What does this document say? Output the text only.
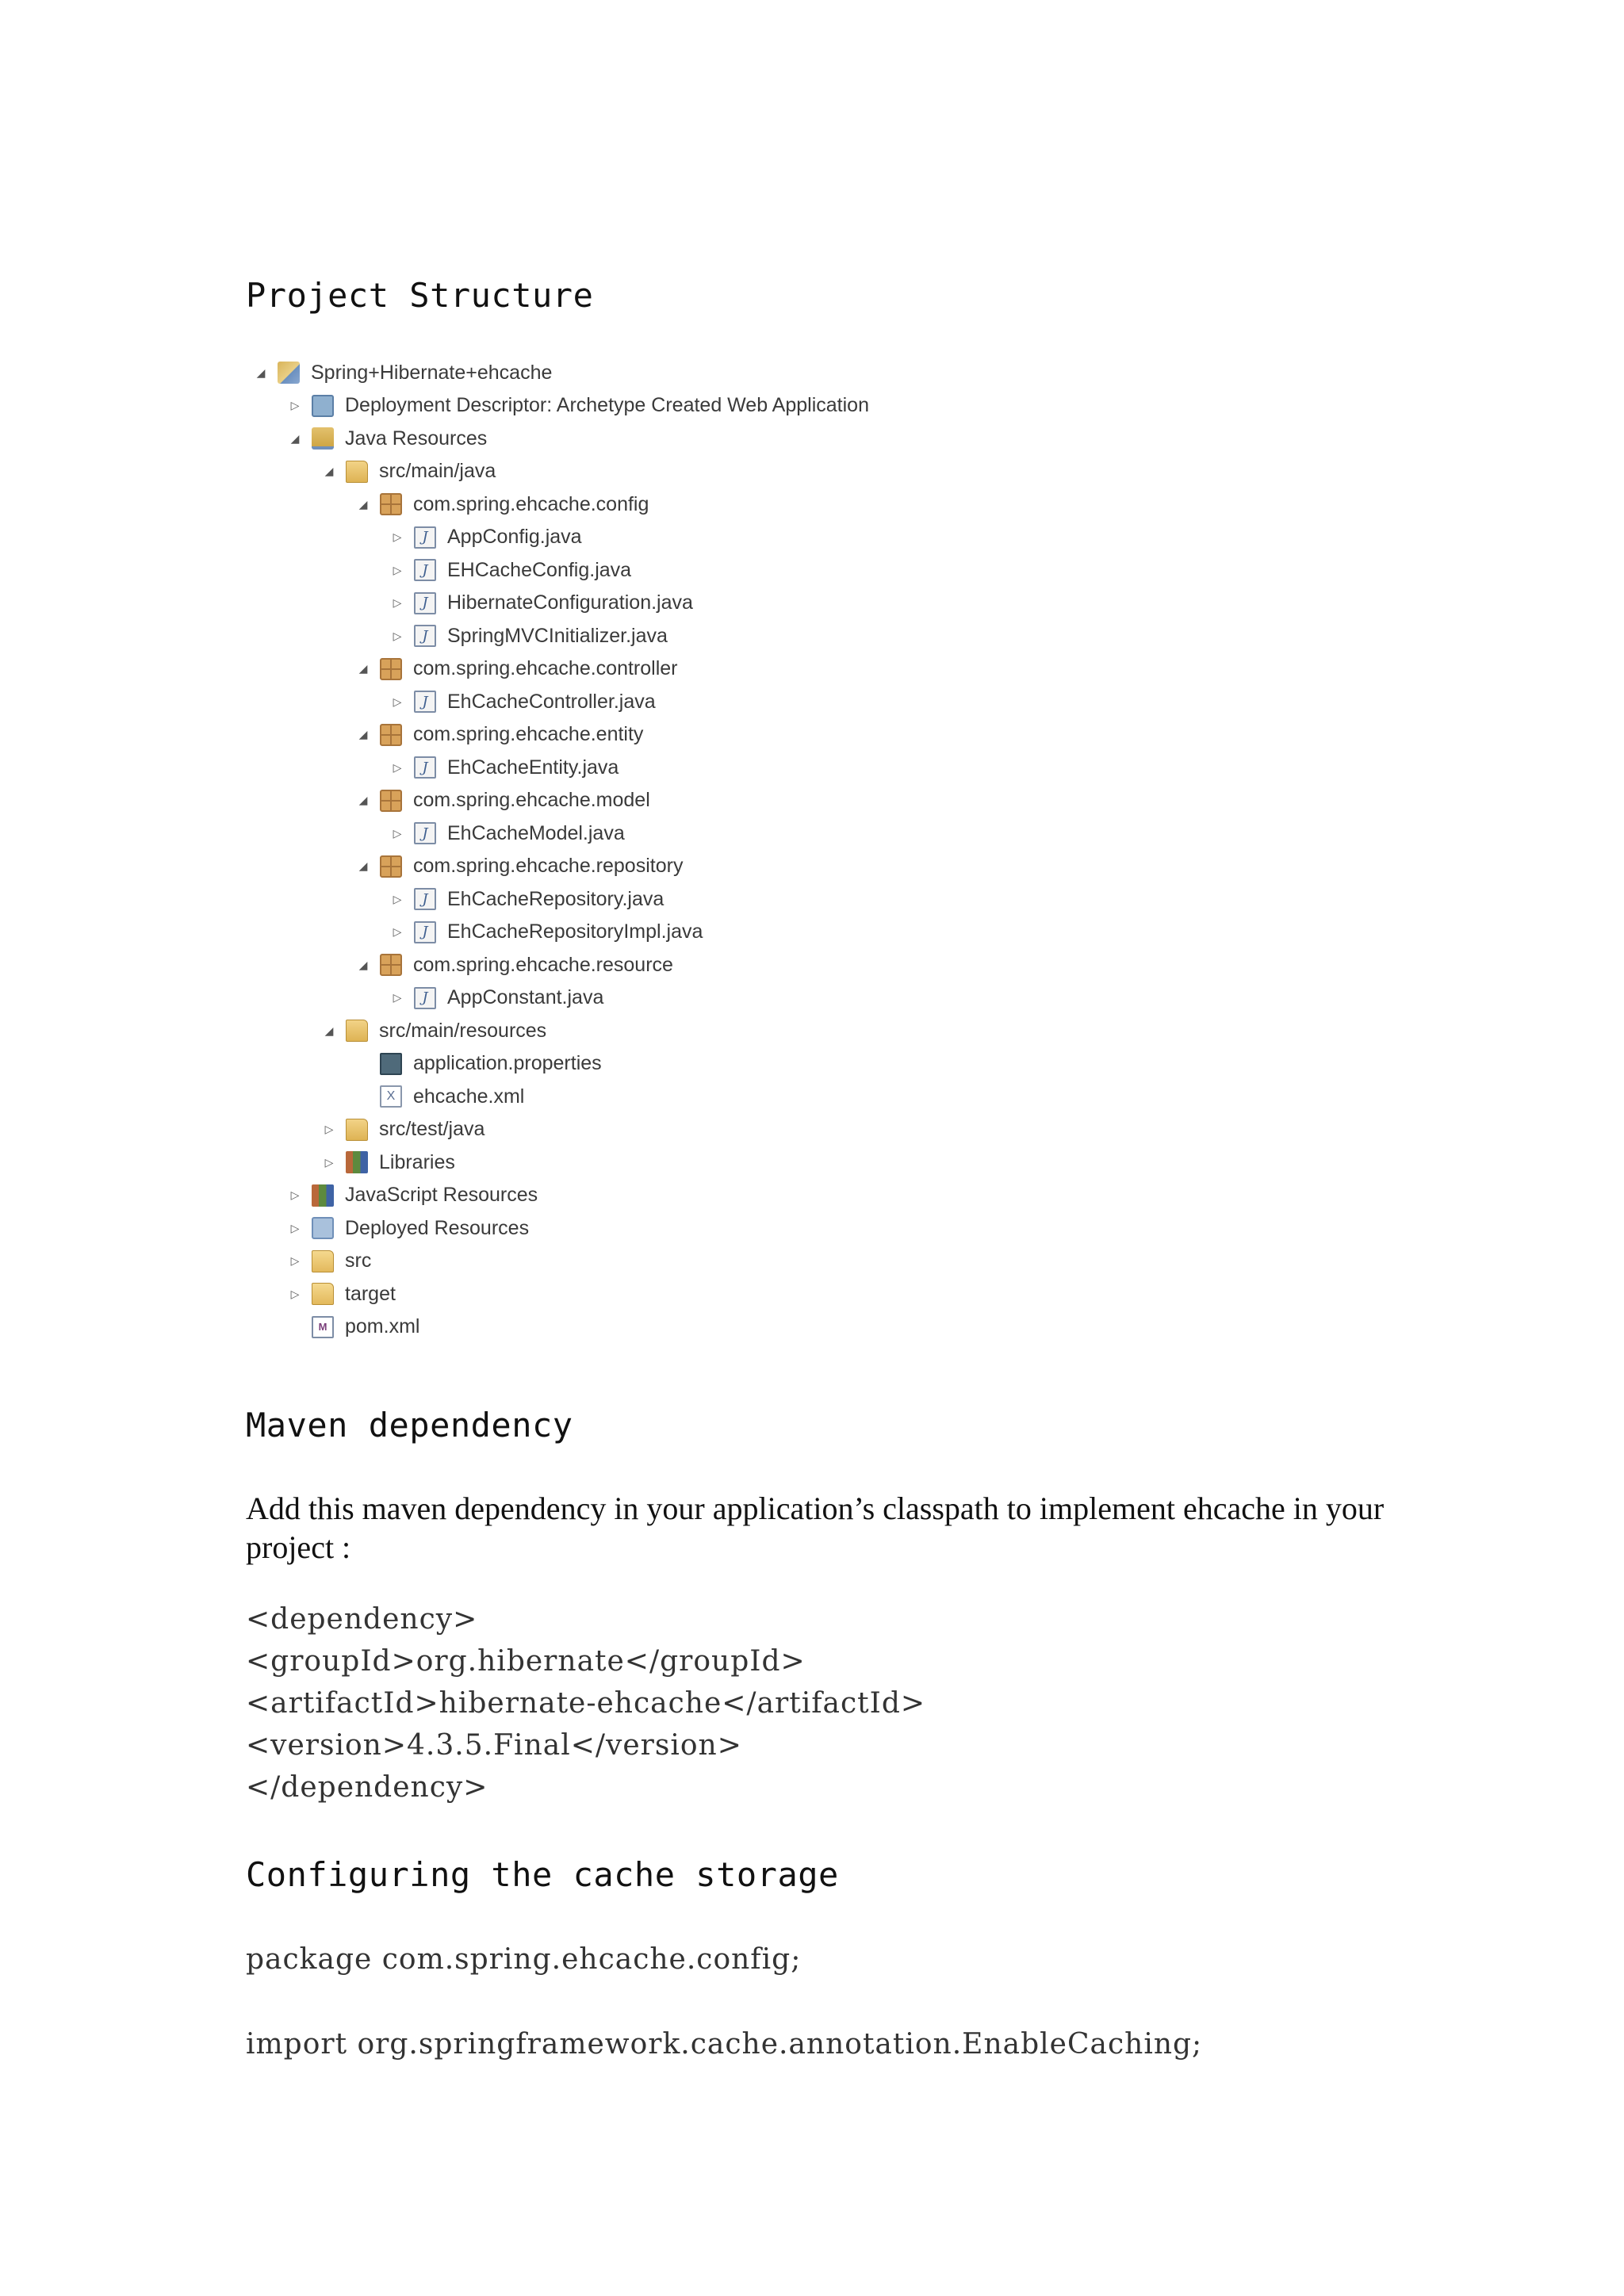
Project Structure
◢ Spring+Hibernate+ehcache
▷ Deployment Descriptor: Archetype Created Web Application
◢ Java Resources
◢ src/main/java
◢ com.spring.ehcache.config
▷	J AppConfig.java
▷	J EHCacheConfig.java
▷	J HibernateConfiguration.java
▷	J SpringMVCInitializer.java
◢ com.spring.ehcache.controller
▷	J EhCacheController.java
◢ com.spring.ehcache.entity
▷	J EhCacheEntity.java
◢ com.spring.ehcache.model
▷	J EhCacheModel.java
◢ com.spring.ehcache.repository
▷	J EhCacheRepository.java
▷	J EhCacheRepositoryImpl.java
◢ com.spring.ehcache.resource
▷	J AppConstant.java
◢ src/main/resources
application.properties
X ehcache.xml
▷ src/test/java
▷ Libraries
▷ JavaScript Resources
▷ Deployed Resources
▷ src
▷ target
M pom.xml
Maven dependency
Add this maven dependency in your application’s classpath to implement ehcache in your project :
<dependency>
<groupId>org.hibernate</groupId>
<artifactId>hibernate-ehcache</artifactId>
<version>4.3.5.Final</version>
</dependency>
Configuring the cache storage
package com.spring.ehcache.config;
import org.springframework.cache.annotation.EnableCaching;
